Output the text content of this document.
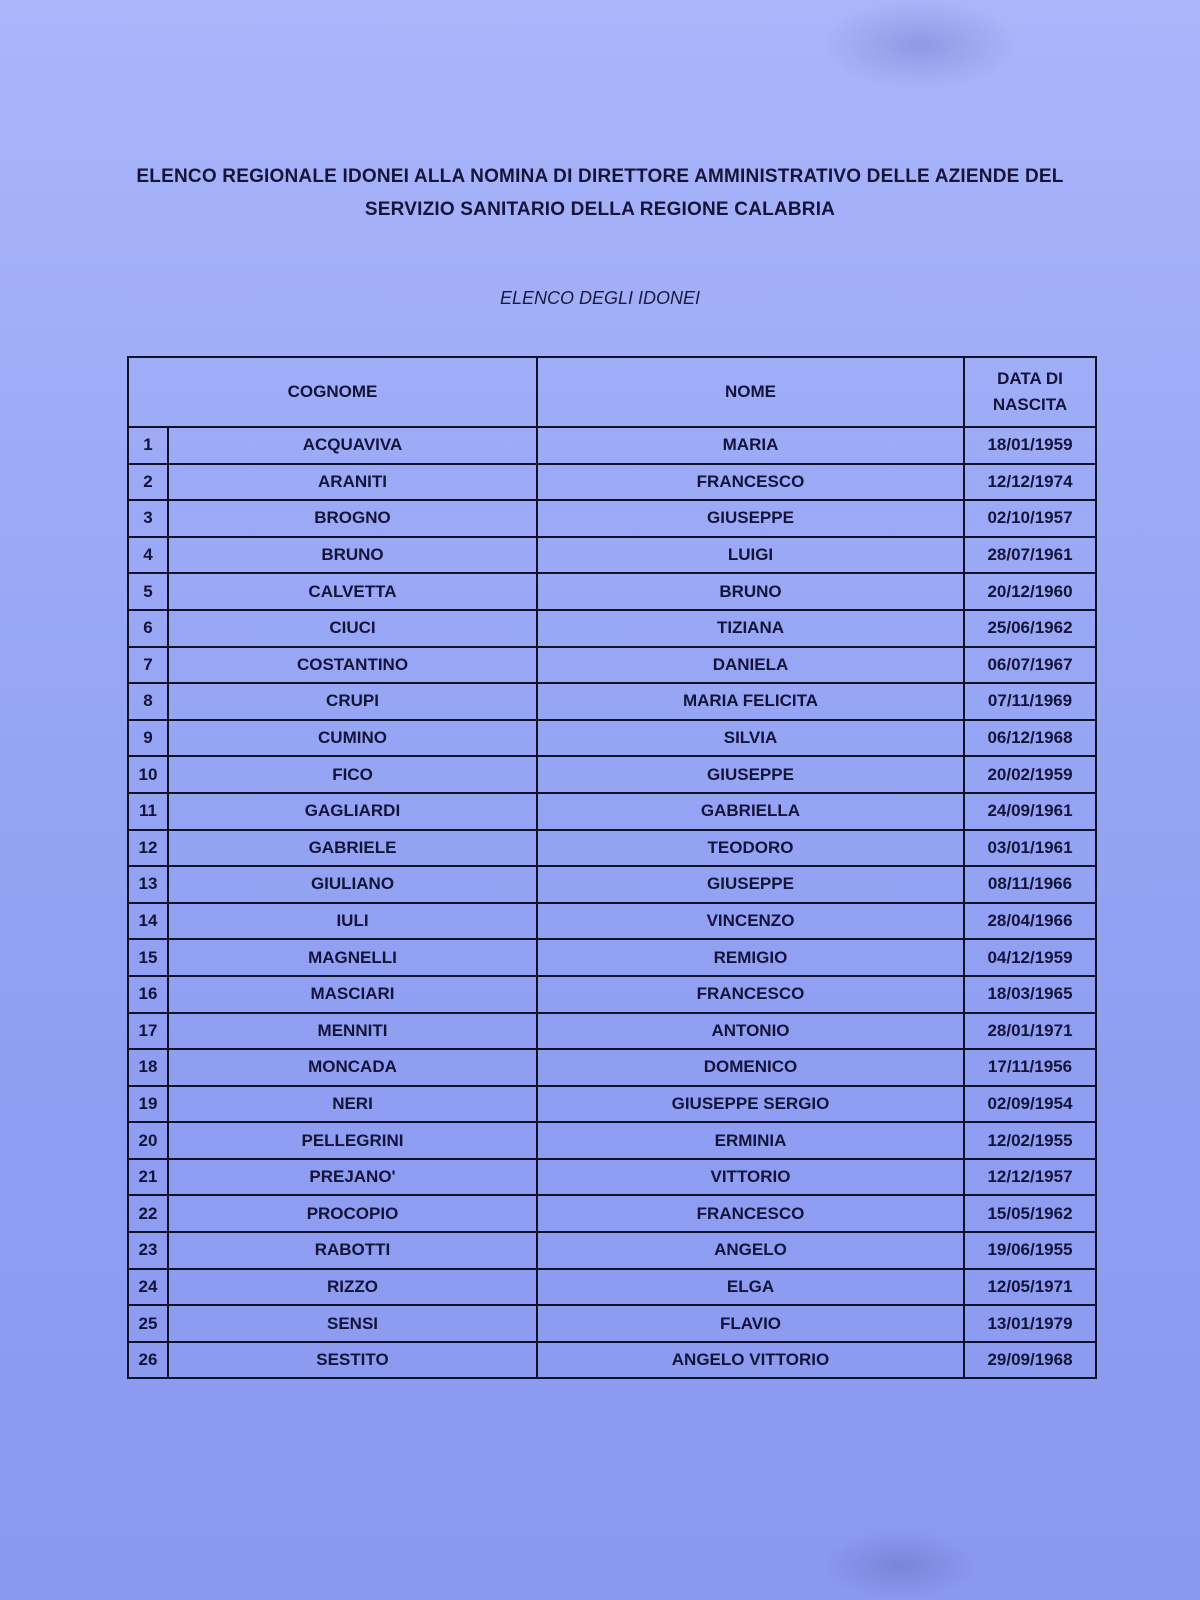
ELENCO REGIONALE IDONEI ALLA NOMINA DI DIRETTORE AMMINISTRATIVO DELLE AZIENDE DEL
SERVIZIO SANITARIO DELLA REGIONE CALABRIA
ELENCO DEGLI IDONEI
COGNOME		NOME	DATA DI
NASCITA

1	ACQUAVIVA	MARIA	18/01/1959
2	ARANITI	FRANCESCO	12/12/1974
3	BROGNO	GIUSEPPE	02/10/1957
4	BRUNO	LUIGI	28/07/1961
5	CALVETTA	BRUNO	20/12/1960
6	CIUCI	TIZIANA	25/06/1962
7	COSTANTINO	DANIELA	06/07/1967
8	CRUPI	MARIA FELICITA	07/11/1969
9	CUMINO	SILVIA	06/12/1968
10	FICO	GIUSEPPE	20/02/1959
11	GAGLIARDI	GABRIELLA	24/09/1961
12	GABRIELE	TEODORO	03/01/1961
13	GIULIANO	GIUSEPPE	08/11/1966
14	IULI	VINCENZO	28/04/1966
15	MAGNELLI	REMIGIO	04/12/1959
16	MASCIARI	FRANCESCO	18/03/1965
17	MENNITI	ANTONIO	28/01/1971
18	MONCADA	DOMENICO	17/11/1956
19	NERI	GIUSEPPE SERGIO	02/09/1954
20	PELLEGRINI	ERMINIA	12/02/1955
21	PREJANO'	VITTORIO	12/12/1957
22	PROCOPIO	FRANCESCO	15/05/1962
23	RABOTTI	ANGELO	19/06/1955
24	RIZZO	ELGA	12/05/1971
25	SENSI	FLAVIO	13/01/1979
26	SESTITO	ANGELO VITTORIO	29/09/1968
